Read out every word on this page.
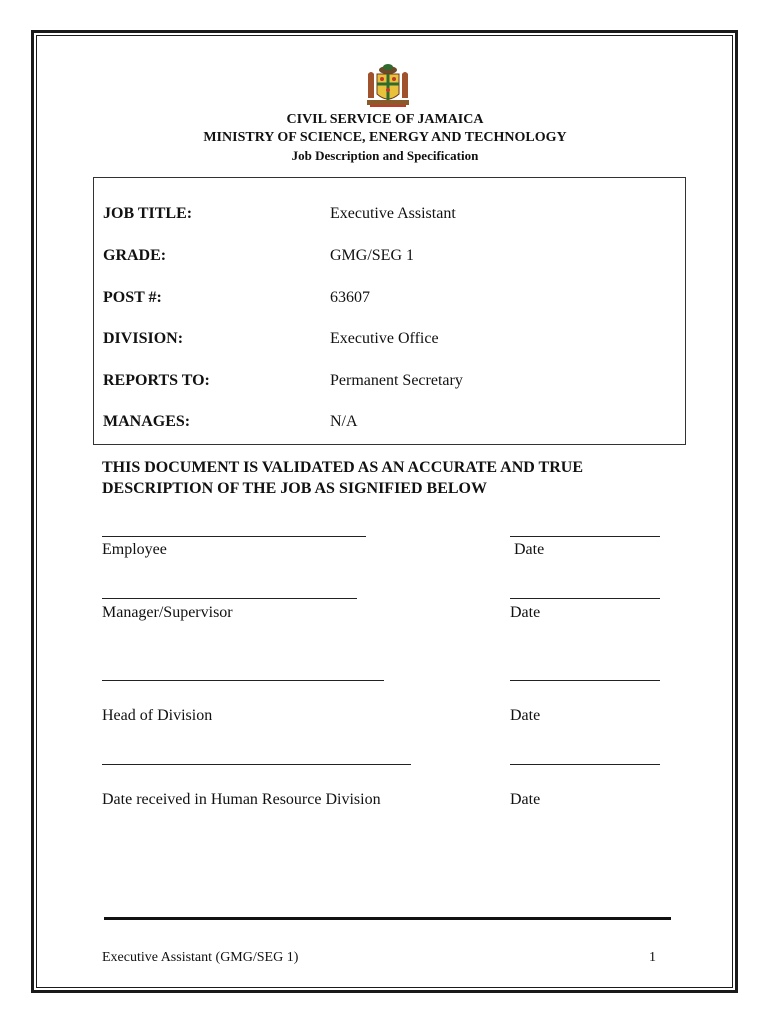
CIVIL SERVICE OF JAMAICA
MINISTRY OF SCIENCE, ENERGY AND TECHNOLOGY
Job Description and Specification
JOB TITLE:	Executive Assistant
GRADE:	GMG/SEG 1
POST #:	63607
DIVISION:	Executive Office
REPORTS TO:	Permanent Secretary
MANAGES:	N/A
THIS DOCUMENT IS VALIDATED AS AN ACCURATE AND TRUE
DESCRIPTION OF THE JOB AS SIGNIFIED BELOW
Employee	Date
Manager/Supervisor	Date
Head of Division	Date
Date received in Human Resource Division	Date
Executive Assistant (GMG/SEG 1)	1
